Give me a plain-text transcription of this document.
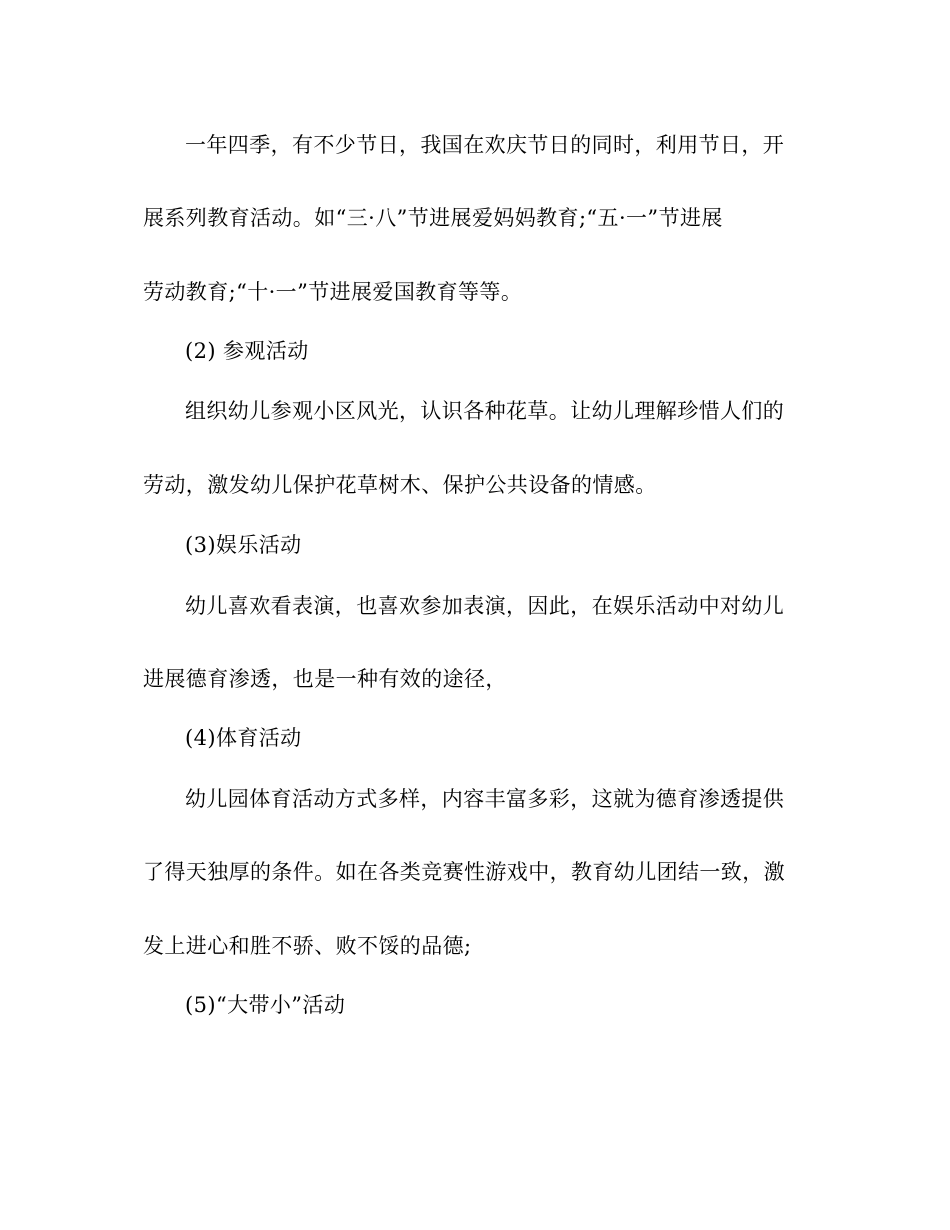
一年四季，有不少节日，我国在欢庆节日的同时，利用节日，开
展系列教育活动。如“三·八”节进展爱妈妈教育;“五·一”节进展
劳动教育;“十·一”节进展爱国教育等等。
(2) 参观活动
组织幼儿参观小区风光，认识各种花草。让幼儿理解珍惜人们的
劳动，激发幼儿保护花草树木、保护公共设备的情感。
(3)娱乐活动
幼儿喜欢看表演，也喜欢参加表演，因此，在娱乐活动中对幼儿
进展德育渗透，也是一种有效的途径，
(4)体育活动
幼儿园体育活动方式多样，内容丰富多彩，这就为德育渗透提供
了得天独厚的条件。如在各类竞赛性游戏中，教育幼儿团结一致，激
发上进心和胜不骄、败不馁的品德;
(5)“大带小”活动
